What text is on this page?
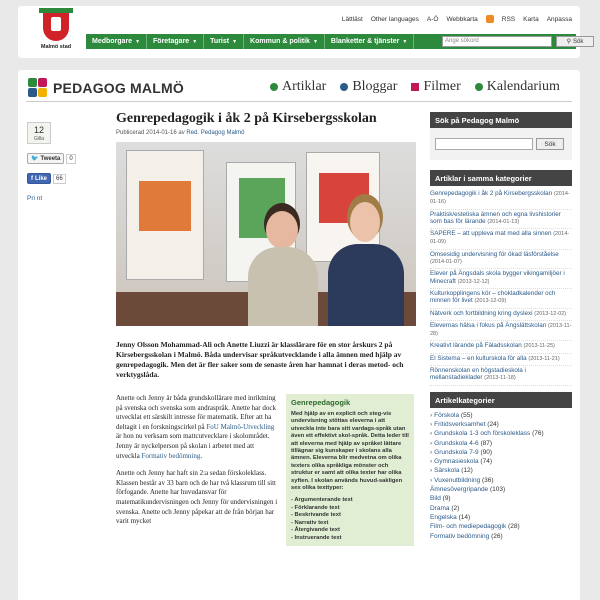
Malmö stad
Lättläst Other languages A-Ö Webbkarta	RSS Karta Anpassa
Medborgare ▼ Företagare ▼ Turist ▼ Kommun & politik ▼ Blanketter & tjänster ▼	Ange sökord	⚲ Sök
PEDAGOG MALMÖ	Artiklar Bloggar Filmer Kalendarium
12
Gilla
🐦 Tweeta	0
f Like	66
Pri nt
Genrepedagogik i åk 2 på Kirsebergsskolan
Publicerad 2014-01-16 av Red. Pedagog Malmö

Jenny Olsson Mohammad-Ali och Anette Liuzzi är klasslärare för en stor årskurs 2 på Kirsebergsskolan i Malmö. Båda undervisar språkutvecklande i alla ämnen med hjälp av genrepedagogik. Men det är fler saker som de senaste åren har hamnat i deras metod- och verktygslåda.

Anette och Jenny är båda grundskollärare med inriktning på svenska och svenska som andraspråk. Anette har dock utvecklat ett särskilt intresse för matematik. Efter att ha deltagit i en forskningscirkel på FoU Malmö-Utveckling är hon nu verksam som mattcutvecklare i skolområdet. Jenny är nyckelperson på skolan i arbetet med att utveckla Formativ bedömning.

Anette och Jenny har haft sin 2:a sedan förskoleklass. Klassen består av 33 barn och de har två klassrum till sitt förfogande. Anette har huvudansvar för matematikundervisningen och Jenny för undervisningen i svenska. Anette och Jenny påpekar att de från början har varit mycket

Genrepedagogik

Med hjälp av en explicit och steg-vis undervisning stöttas eleverna i att utveckla inte bara sitt vardags-språk utan även ett effektivt skol-språk. Detta leder till att eleverna med hjälp av språket lättare tillägnar sig kunskaper i skolans alla ämnen. Eleverna blir medvetna om olika texters olika språkliga mönster och struktur er samt att olika texter har olika syften. I skolan används huvud-sakligen sex olika texttyper:

- Argumenterande text
- Förklarande text
- Beskrivande text
- Narrativ text
- Återgivande text
- Instruerande text
Sök på Pedagog Malmö
Sök
Artiklar i samma kategorier
Genrepedagogik i åk 2 på Kirsebergsskolan (2014-01-16)
Praktisk/estetiska ämnen och egna livshistorier som bas för lärande (2014-01-13)
SAPERE – att uppleva mat med alla sinnen (2014-01-09)
Omsesidig undervisning för ökad läsförståelse (2014-01-07)
Elever på Ängsdals skola bygger vikingamiljöer i Minecraft (2013-12-12)
Kulturkopplingens kör – chokladkalender och minnen för livet (2013-12-09)
Nätverk och fortbildning kring dyslexi (2013-12-02)
Elevernas hälsa i fokus på Ängslättskolan (2013-11-28)
Kreativt lärande på Fäladsskolan (2013-11-25)
El Sistema – en kulturskola för alla (2013-11-21)
Rönnenskolan en högstadieskola i mellanstadieklader (2013-11-18)
Artikelkategorier
› Förskola (55)
› Fritidsverksamhet (24)
› Grundskola 1-3 och förskoleklass (76)
› Grundskola 4-6 (87)
› Grundskola 7-9 (90)
› Gymnasieskola (74)
› Särskola (12)
› Vuxenutbildning (36)
Ämnesövergripande (103)
Bild (9)
Drama (2)
Engelska (14)
Film- och mediepedagogik (28)
Formativ bedömning (26)
